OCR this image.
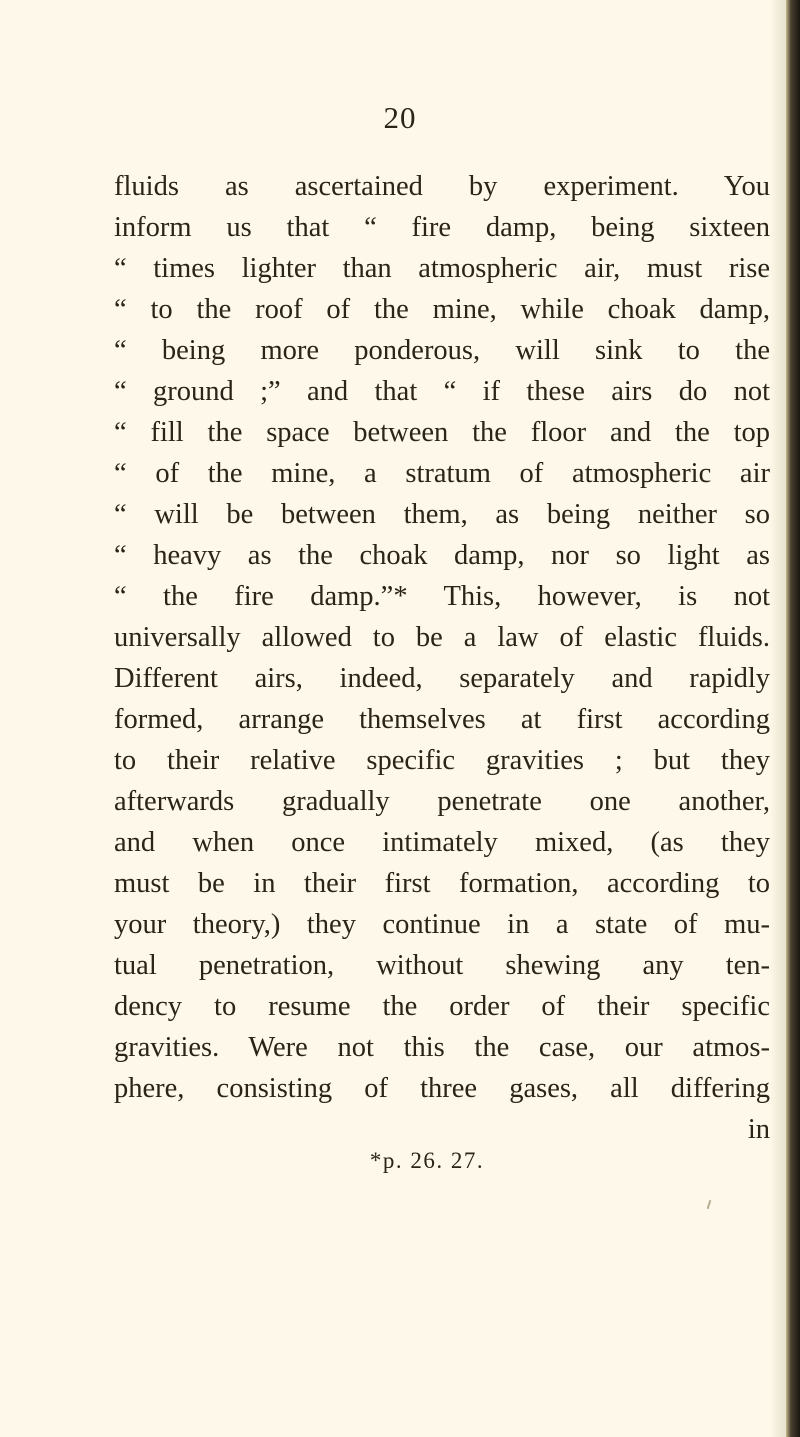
20
fluids as ascertained by experiment. You
inform us that “ fire damp, being sixteen
“ times lighter than atmospheric air, must rise
“ to the roof of the mine, while choak damp,
“ being more ponderous, will sink to the
“ ground ;” and that “ if these airs do not
“ fill the space between the floor and the top
“ of the mine, a stratum of atmospheric air
“ will be between them, as being neither so
“ heavy as the choak damp, nor so light as
“ the fire damp.”* This, however, is not
universally allowed to be a law of elastic fluids.
Different airs, indeed, separately and rapidly
formed, arrange themselves at first according
to their relative specific gravities ; but they
afterwards gradually penetrate one another,
and when once intimately mixed, (as they
must be in their first formation, according to
your theory,) they continue in a state of mu-
tual penetration, without shewing any ten-
dency to resume the order of their specific
gravities. Were not this the case, our atmos-
phere, consisting of three gases, all differing
in
*p. 26. 27.
